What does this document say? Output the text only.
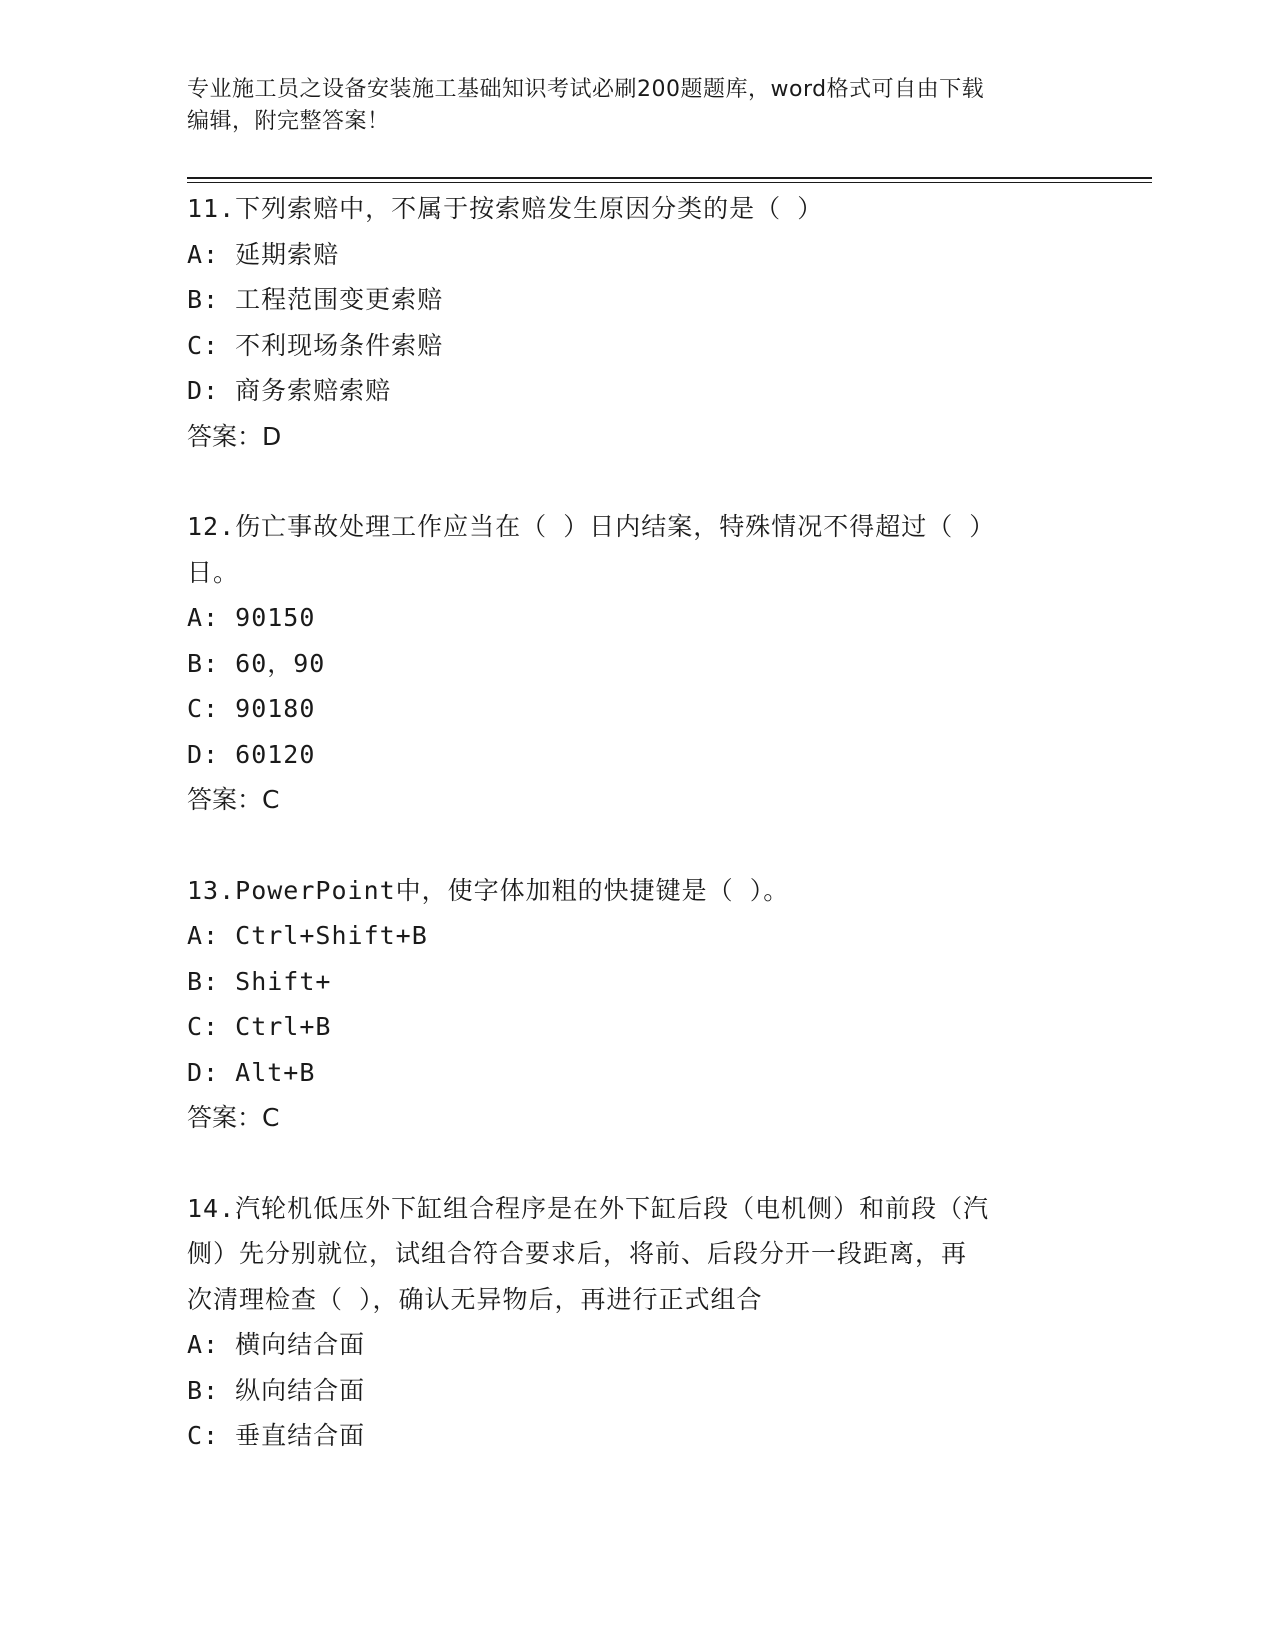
专业施工员之设备安装施工基础知识考试必刷200题题库，word格式可自由下载
编辑，附完整答案！

11.下列索赔中，不属于按索赔发生原因分类的是（ ）

A: 延期索赔

B: 工程范围变更索赔

C: 不利现场条件索赔

D: 商务索赔索赔

答案：D

12.伤亡事故处理工作应当在（ ）日内结案，特殊情况不得超过（ ）

日。

A: 90150

B: 60，90

C: 90180

D: 60120

答案：C

13.PowerPoint中，使字体加粗的快捷键是（ ）。

A: Ctrl+Shift+B

B: Shift+

C: Ctrl+B

D: Alt+B

答案：C

14.汽轮机低压外下缸组合程序是在外下缸后段（电机侧）和前段（汽

侧）先分别就位，试组合符合要求后，将前、后段分开一段距离，再

次清理检查（ ），确认无异物后，再进行正式组合

A: 横向结合面

B: 纵向结合面

C: 垂直结合面
